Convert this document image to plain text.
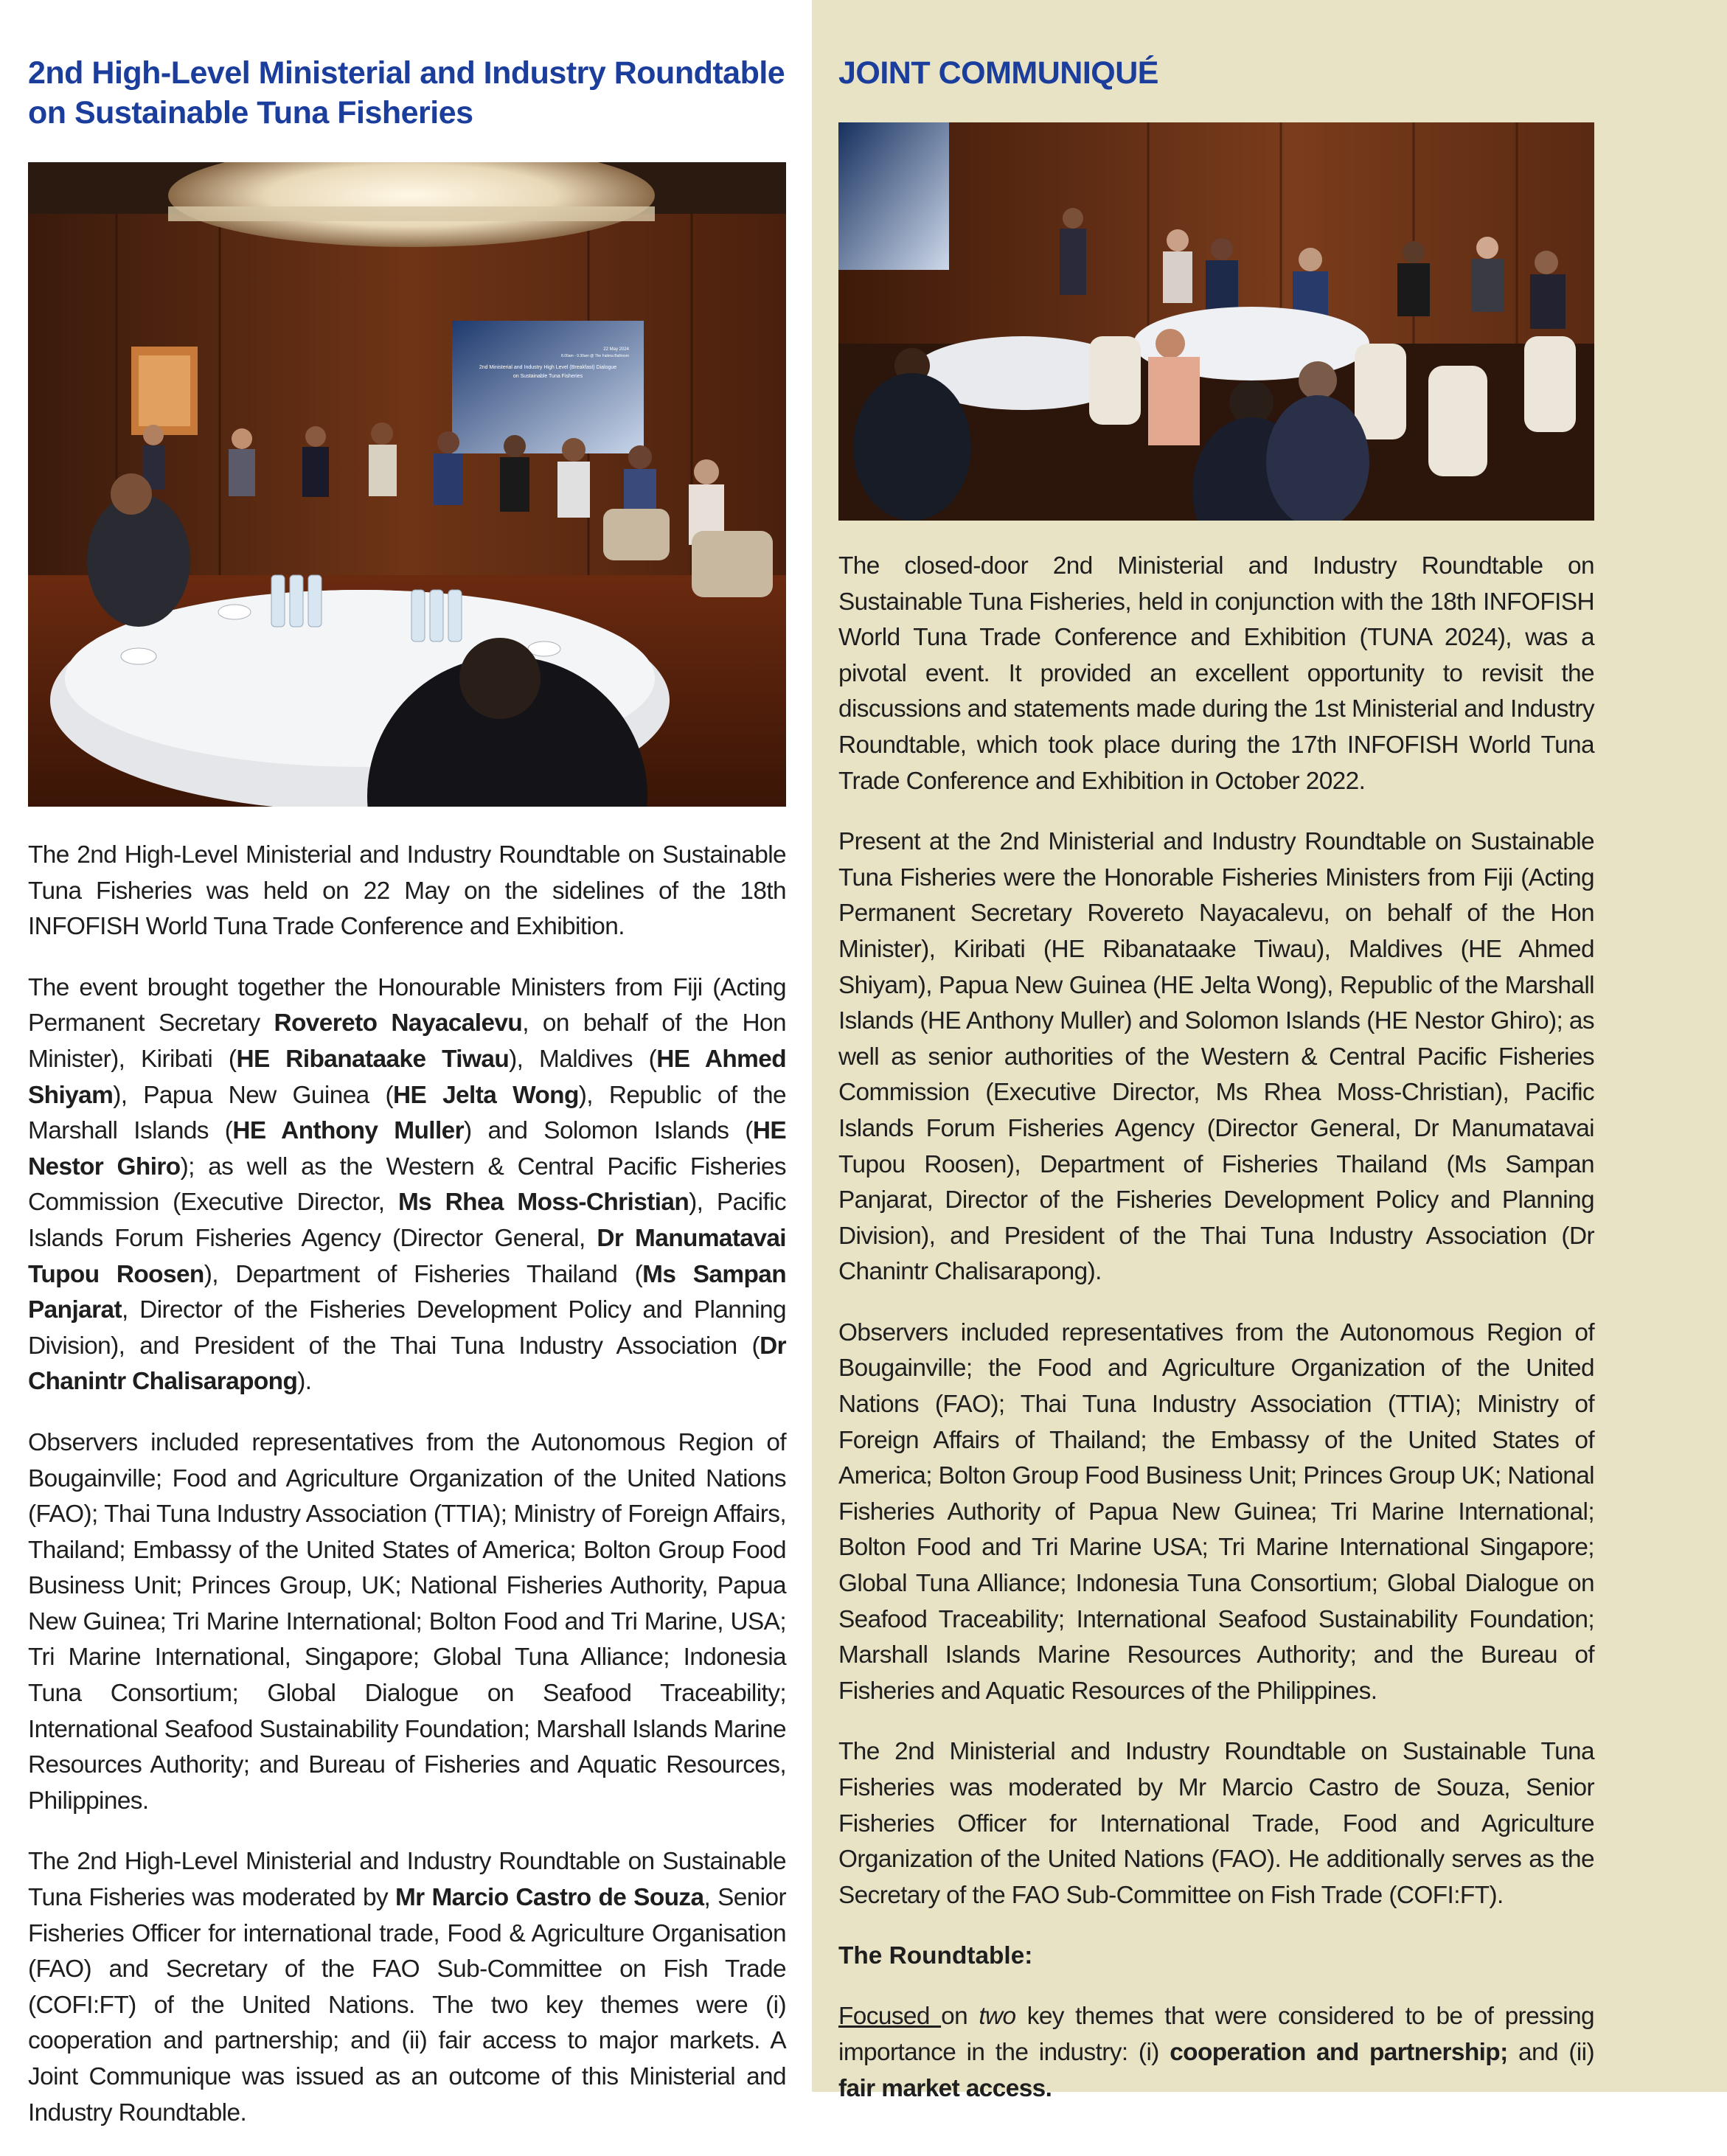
2nd High-Level Ministerial and Industry Roundtable on Sustainable Tuna Fisheries
2nd Ministerial and Industry High Level (Breakfast) Dialogue
on Sustainable Tuna Fisheries
22 May 2024
8.00am - 9.30am @ The Fatima Ballroom

The 2nd High-Level Ministerial and Industry Roundtable on Sustainable Tuna Fisheries was held on 22 May on the sidelines of the 18th INFOFISH World Tuna Trade Conference and Exhibition.

The event brought together the Honourable Ministers from Fiji (Acting Permanent Secretary Rovereto Nayacalevu, on behalf of the Hon Minister), Kiribati (HE Ribanataake Tiwau), Maldives (HE Ahmed Shiyam), Papua New Guinea (HE Jelta Wong), Republic of the Marshall Islands (HE Anthony Muller) and Solomon Islands (HE Nestor Ghiro); as well as the Western & Central Pacific Fisheries Commission (Executive Director, Ms Rhea Moss-Christian), Pacific Islands Forum Fisheries Agency (Director General, Dr Manumatavai Tupou Roosen), Department of Fisheries Thailand (Ms Sampan Panjarat, Director of the Fisheries Development Policy and Planning Division), and President of the Thai Tuna Industry Association (Dr Chanintr Chalisarapong).

Observers included representatives from the Autonomous Region of Bougainville; Food and Agriculture Organization of the United Nations (FAO); Thai Tuna Industry Association (TTIA); Ministry of Foreign Affairs, Thailand; Embassy of the United States of America; Bolton Group Food Business Unit; Princes Group, UK; National Fisheries Authority, Papua New Guinea; Tri Marine International; Bolton Food and Tri Marine, USA; Tri Marine International, Singapore; Global Tuna Alliance; Indonesia Tuna Consortium; Global Dialogue on Seafood Traceability; International Seafood Sustainability Foundation; Marshall Islands Marine Resources Authority; and Bureau of Fisheries and Aquatic Resources, Philippines.

The 2nd High-Level Ministerial and Industry Roundtable on Sustainable Tuna Fisheries was moderated by Mr Marcio Castro de Souza, Senior Fisheries Officer for international trade, Food & Agriculture Organisation (FAO) and Secretary of the FAO Sub-Committee on Fish Trade (COFI:FT) of the United Nations. The two key themes were (i) cooperation and partnership; and (ii) fair access to major markets. A Joint Communique was issued as an outcome of this Ministerial and Industry Roundtable.

JOINT COMMUNIQUÉ

The closed-door 2nd Ministerial and Industry Roundtable on Sustainable Tuna Fisheries, held in conjunction with the 18th INFOFISH World Tuna Trade Conference and Exhibition (TUNA 2024), was a pivotal event. It provided an excellent opportunity to revisit the discussions and statements made during the 1st Ministerial and Industry Roundtable, which took place during the 17th INFOFISH World Tuna Trade Conference and Exhibition in October 2022.

Present at the 2nd Ministerial and Industry Roundtable on Sustainable Tuna Fisheries were the Honorable Fisheries Ministers from Fiji (Acting Permanent Secretary Rovereto Nayacalevu, on behalf of the Hon Minister), Kiribati (HE Ribanataake Tiwau), Maldives (HE Ahmed Shiyam), Papua New Guinea (HE Jelta Wong), Republic of the Marshall Islands (HE Anthony Muller) and Solomon Islands (HE Nestor Ghiro); as well as senior authorities of the Western & Central Pacific Fisheries Commission (Executive Director, Ms Rhea Moss-Christian), Pacific Islands Forum Fisheries Agency (Director General, Dr Manumatavai Tupou Roosen), Department of Fisheries Thailand (Ms Sampan Panjarat, Director of the Fisheries Development Policy and Planning Division), and President of the Thai Tuna Industry Association (Dr Chanintr Chalisarapong).

Observers included representatives from the Autonomous Region of Bougainville; the Food and Agriculture Organization of the United Nations (FAO); Thai Tuna Industry Association (TTIA); Ministry of Foreign Affairs of Thailand; the Embassy of the United States of America; Bolton Group Food Business Unit; Princes Group UK; National Fisheries Authority of Papua New Guinea; Tri Marine International; Bolton Food and Tri Marine USA; Tri Marine International Singapore; Global Tuna Alliance; Indonesia Tuna Consortium; Global Dialogue on Seafood Traceability; International Seafood Sustainability Foundation; Marshall Islands Marine Resources Authority; and the Bureau of Fisheries and Aquatic Resources of the Philippines.

The 2nd Ministerial and Industry Roundtable on Sustainable Tuna Fisheries was moderated by Mr Marcio Castro de Souza, Senior Fisheries Officer for International Trade, Food and Agriculture Organization of the United Nations (FAO). He additionally serves as the Secretary of the FAO Sub-Committee on Fish Trade (COFI:FT).

The Roundtable:

Focused on two key themes that were considered to be of pressing importance in the industry: (i) cooperation and partnership; and (ii) fair market access.
